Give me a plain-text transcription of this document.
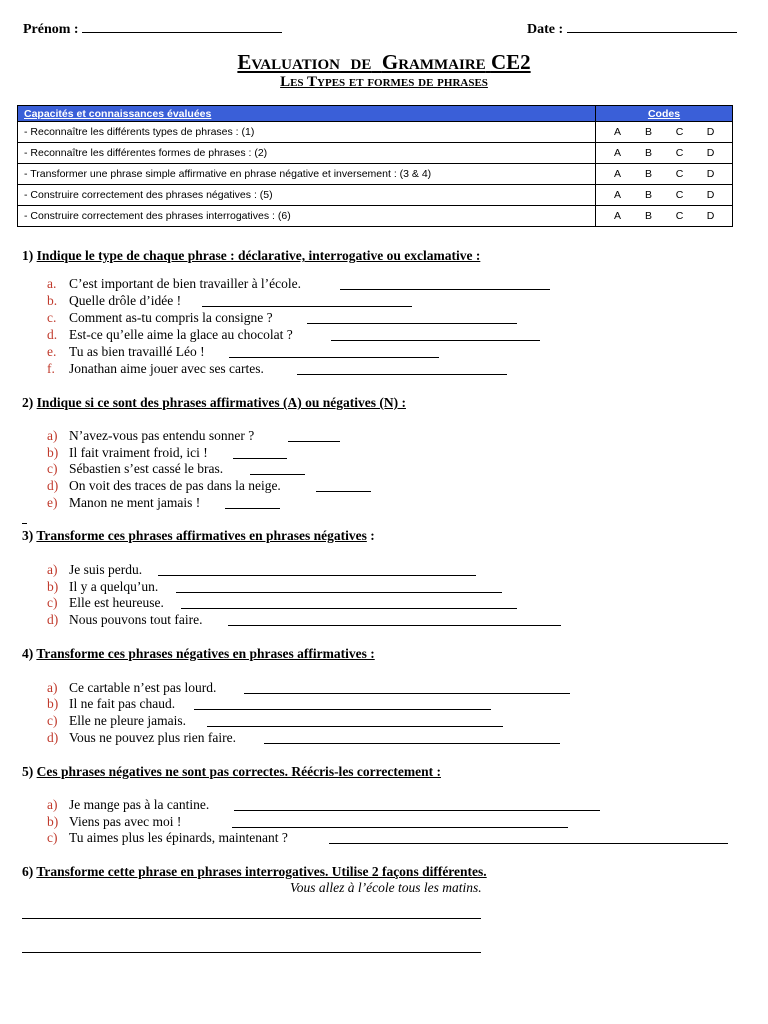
Prénom :	Date :
Evaluation de Grammaire CE2
Les Types et formes de phrases
Capacités et connaissances évaluées	Codes
- Reconnaître les différents types de phrases : (1)	A B C D
- Reconnaître les différentes formes de phrases : (2)	A B C D
- Transformer une phrase simple affirmative en phrase négative et inversement : (3 & 4)	A B C D
- Construire correctement des phrases négatives : (5)	A B C D
- Construire correctement des phrases interrogatives : (6)	A B C D
1) Indique le type de chaque phrase : déclarative, interrogative ou exclamative :
a. C’est important de bien travailler à l’école.
b. Quelle drôle d’idée !
c. Comment as-tu compris la consigne ?
d. Est-ce qu’elle aime la glace au chocolat ?
e. Tu as bien travaillé Léo !
f. Jonathan aime jouer avec ses cartes.
2) Indique si ce sont des phrases affirmatives (A) ou négatives (N) :
a) N’avez-vous pas entendu sonner ?
b) Il fait vraiment froid, ici !
c) Sébastien s’est cassé le bras.
d) On voit des traces de pas dans la neige.
e) Manon ne ment jamais !
3) Transforme ces phrases affirmatives en phrases négatives :
a) Je suis perdu.
b) Il y a quelqu’un.
c) Elle est heureuse.
d) Nous pouvons tout faire.
4) Transforme ces phrases négatives en phrases affirmatives :
a) Ce cartable n’est pas lourd.
b) Il ne fait pas chaud.
c) Elle ne pleure jamais.
d) Vous ne pouvez plus rien faire.
5) Ces phrases négatives ne sont pas correctes. Réécris-les correctement :
a) Je mange pas à la cantine.
b) Viens pas avec moi !
c) Tu aimes plus les épinards, maintenant ?
6) Transforme cette phrase en phrases interrogatives. Utilise 2 façons différentes.
Vous allez à l’école tous les matins.
